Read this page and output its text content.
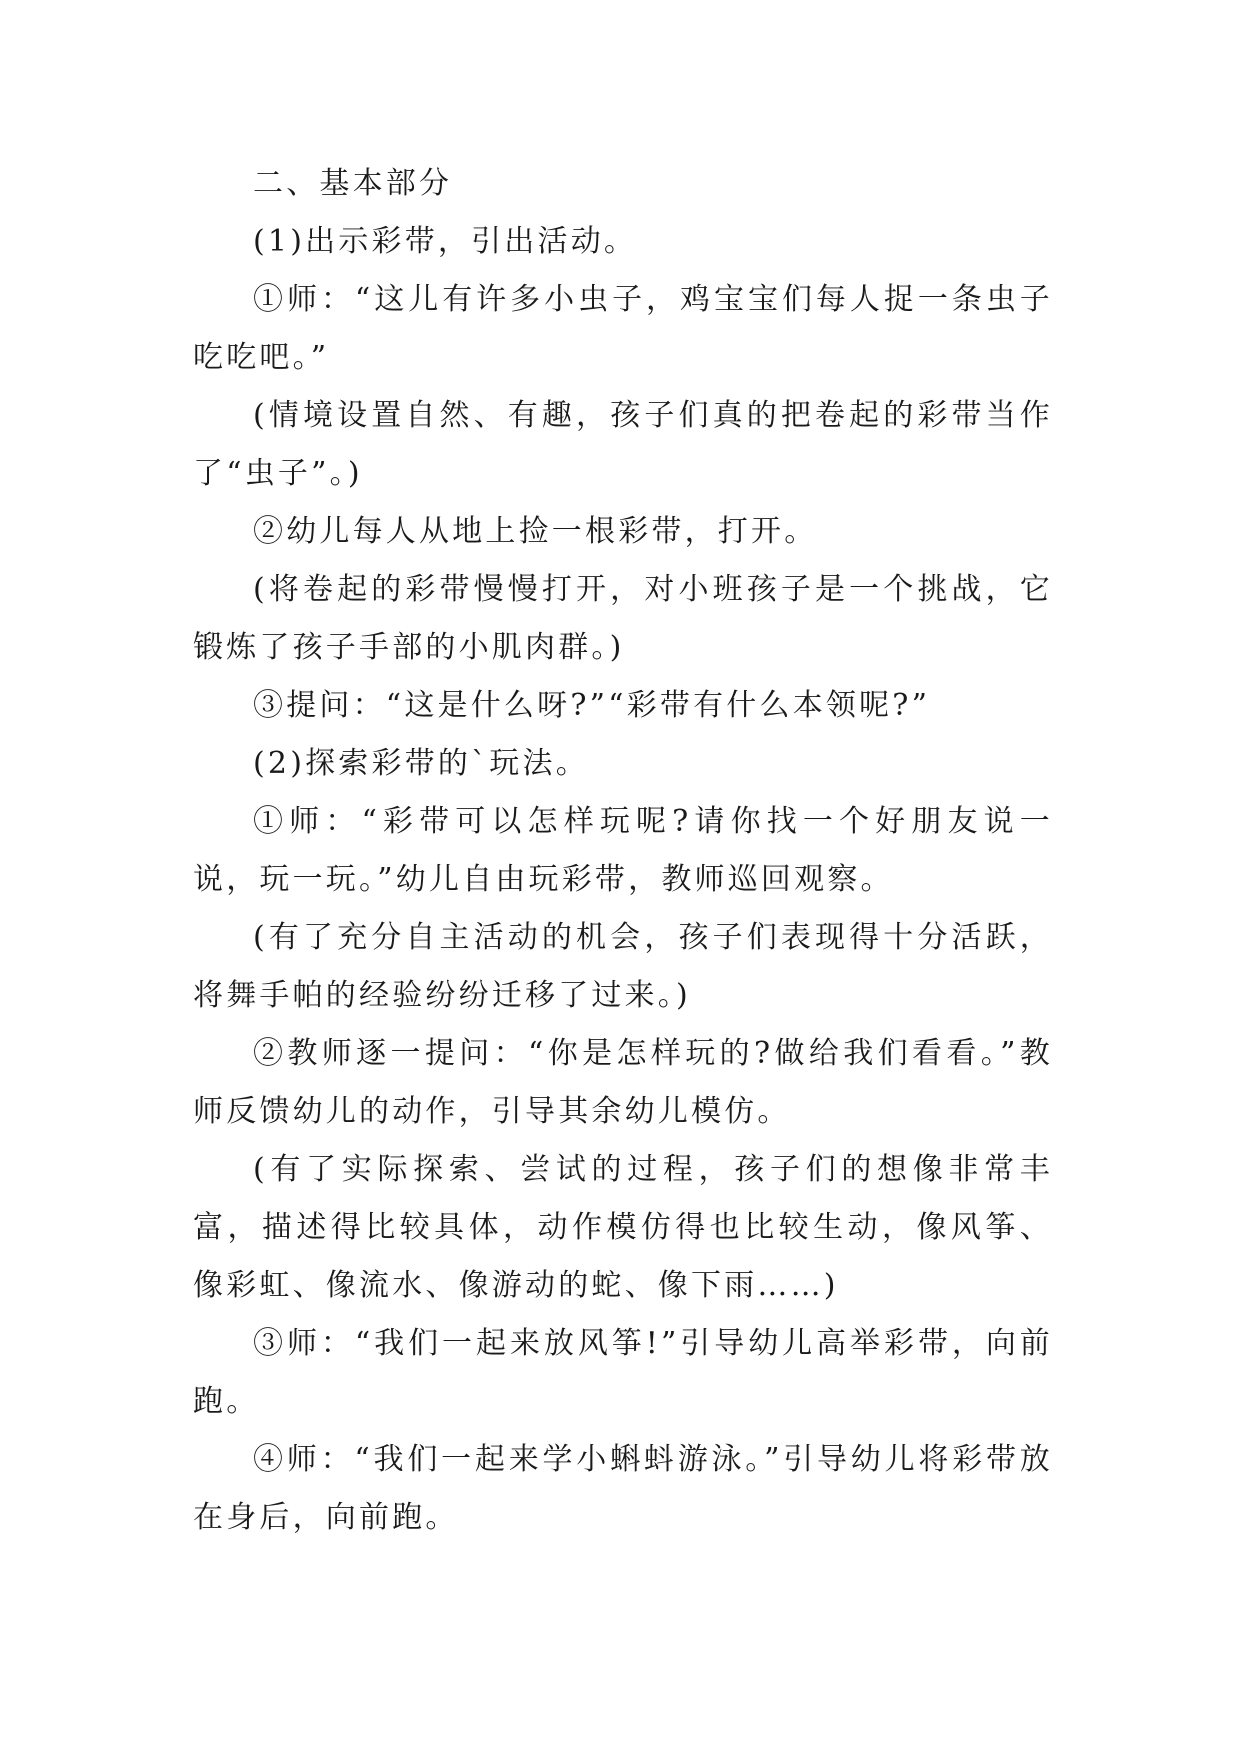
二、基本部分

(1)出示彩带，引出活动。

①师：“这儿有许多小虫子，鸡宝宝们每人捉一条虫子吃吃吧。”

(情境设置自然、有趣，孩子们真的把卷起的彩带当作了“虫子”。)

②幼儿每人从地上捡一根彩带，打开。

(将卷起的彩带慢慢打开，对小班孩子是一个挑战，它锻炼了孩子手部的小肌肉群。)

③提问：“这是什么呀?”“彩带有什么本领呢?”

(2)探索彩带的`玩法。

①师：“彩带可以怎样玩呢?请你找一个好朋友说一说，玩一玩。”幼儿自由玩彩带，教师巡回观察。

(有了充分自主活动的机会，孩子们表现得十分活跃，将舞手帕的经验纷纷迁移了过来。)

②教师逐一提问：“你是怎样玩的?做给我们看看。”教师反馈幼儿的动作，引导其余幼儿模仿。

(有了实际探索、尝试的过程，孩子们的想像非常丰富，描述得比较具体，动作模仿得也比较生动，像风筝、像彩虹、像流水、像游动的蛇、像下雨……)

③师：“我们一起来放风筝!”引导幼儿高举彩带，向前跑。

④师：“我们一起来学小蝌蚪游泳。”引导幼儿将彩带放在身后，向前跑。
